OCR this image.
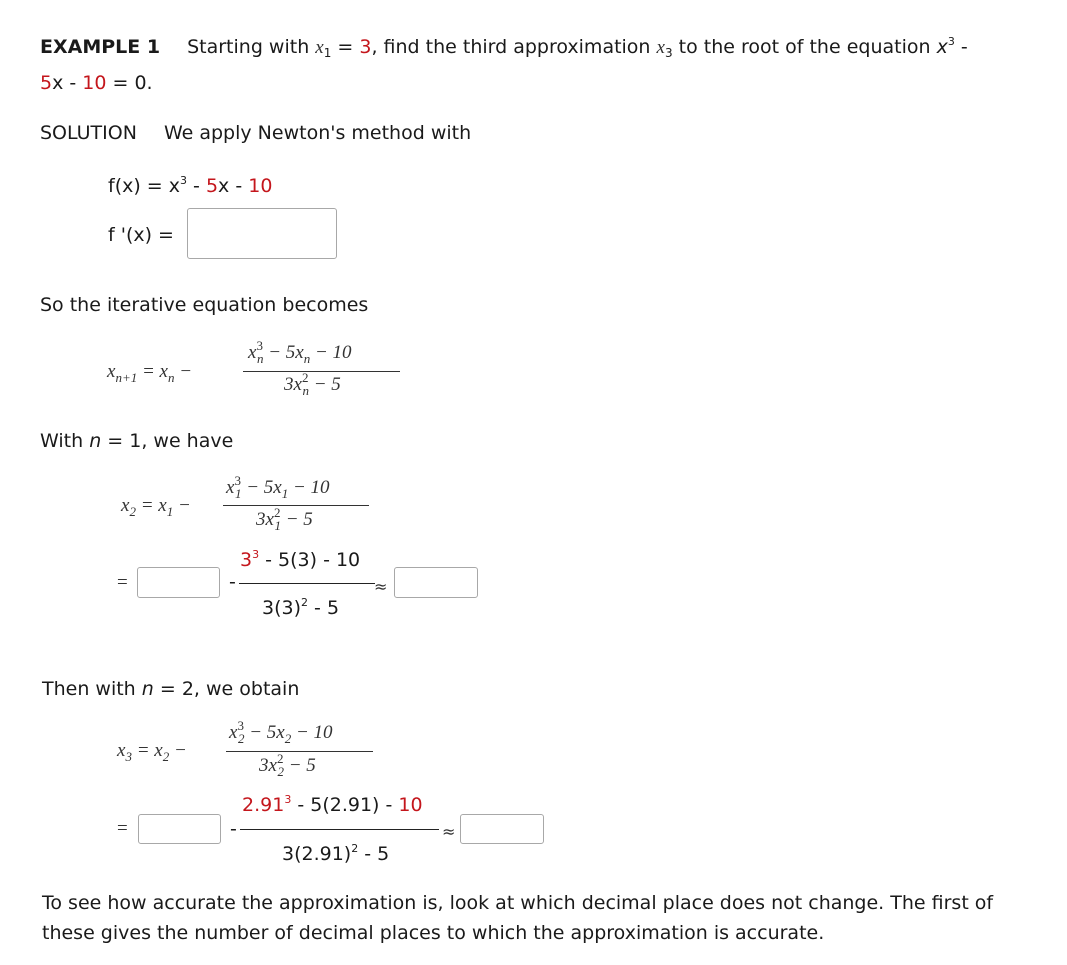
EXAMPLE 1 Starting with $x_1 = 3$, find the third approximation $x_3$ to the root of the equation $x^3$ -
5x - 10 = 0.
SOLUTION We apply Newton's method with
$f(x) = x^3 - 5x - 10$
f '(x) =
So the iterative equation becomes
$x_{n+1} = x_n$ −
$x^3_n - 5x_n - 10$
$3x^2_n - 5$
With n = 1, we have
$x_2 = x_1$ −
$x^3_1 - 5x_1 - 10$
$3x^2_1 - 5$
=	-
$3^3 - 5(3) - 10$
≈
$3(3)^2 - 5$
Then with n = 2, we obtain
$x_3 = x_2$ −
$x^3_2 - 5x_2 - 10$
$3x^2_2 - 5$
=	-
2.91$^3$ - 5(2.91) - 10
≈
$3(2.91)^2 - 5$
To see how accurate the approximation is, look at which decimal place does not change. The first of
these gives the number of decimal places to which the approximation is accurate.
